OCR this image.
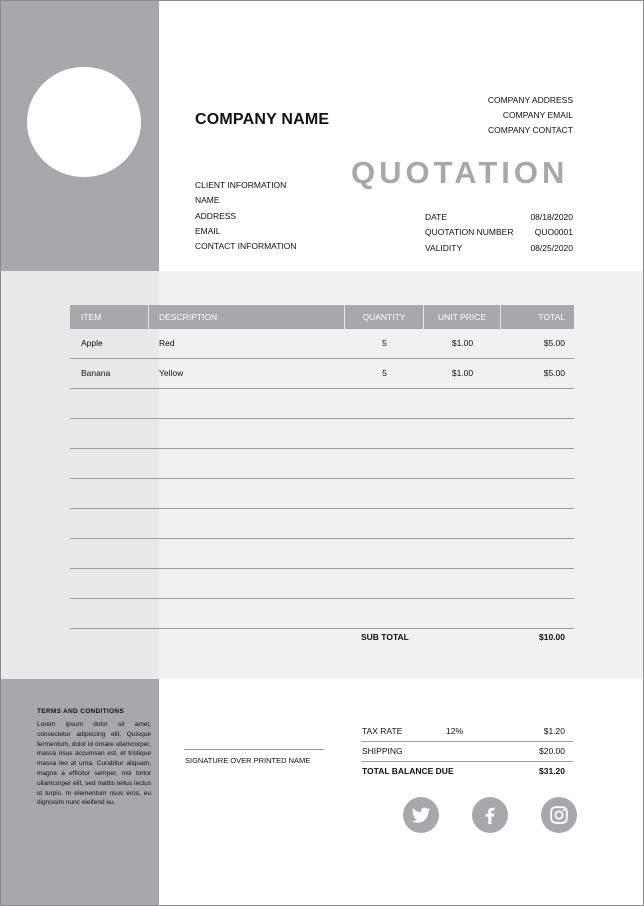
COMPANY NAME
COMPANY ADDRESS
COMPANY EMAIL
COMPANY CONTACT
QUOTATION
CLIENT INFORMATION
NAME
ADDRESS
EMAIL
CONTACT INFORMATION
DATE	08/18/2020
QUOTATION NUMBER	QUO0001
VALIDITY	08/25/2020
ITEM	DESCRIPTION	QUANTITY	UNIT PRICE	TOTAL
Apple	Red	5	$1.00	$5.00
Banana	Yellow	5	$1.00	$5.00
SUB TOTAL	$10.00
TERMS AND CONDITIONS
Lorem ipsum dolor sit amet, consectetur adipiscing elit. Quisque fermentum, dolor id ornare ullamcorper, massa risus accumsan est, et tristique massa leo at urna. Curabitur aliquam, magna a efficitur semper, nisl tortor ullamcorper elit, sed mattis tellus lectus id turpis. In elementum risus eros, eu dignissim nunc eleifend eu.
SIGNATURE OVER PRINTED NAME
TAX RATE	12%	$1.20
SHIPPING	$20.00
TOTAL BALANCE DUE	$31.20
